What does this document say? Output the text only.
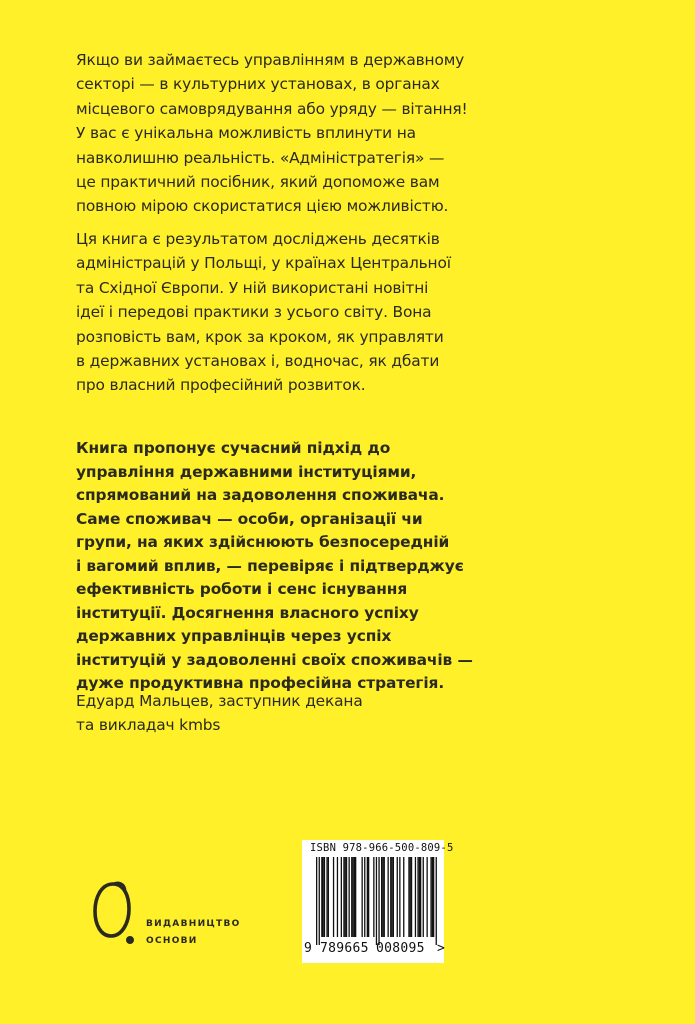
Якщо ви займаєтесь управлінням в державному
секторі — в культурних установах, в органах
місцевого самоврядування або уряду — вітання!
У вас є унікальна можливість вплинути на
навколишню реальність. «Адміністратегія» —
це практичний посібник, який допоможе вам
повною мірою скористатися цією можливістю.

Ця книга є результатом досліджень десятків
адміністрацій у Польщі, у країнах Центральної
та Східної Європи. У ній використані новітні
ідеї і передові практики з усього світу. Вона
розповість вам, крок за кроком, як управляти
в державних установах і, водночас, як дбати
про власний професійний розвиток.

Книга пропонує сучасний підхід до
управління державними інституціями,
спрямований на задоволення споживача.
Саме споживач — особи, організації чи
групи, на яких здійснюють безпосередній
і вагомий вплив, — перевіряє і підтверджує
ефективність роботи і сенс існування
інституції. Досягнення власного успіху
державних управлінців через успіх
інституцій у задоволенні своїх споживачів —
дуже продуктивна професійна стратегія.

Едуард Мальцев, заступник декана
та викладач kmbs

ВИДАВНИЦТВО
ОСНОВИ
ISBN 978-966-500-809-5
9 789665 008095 >
